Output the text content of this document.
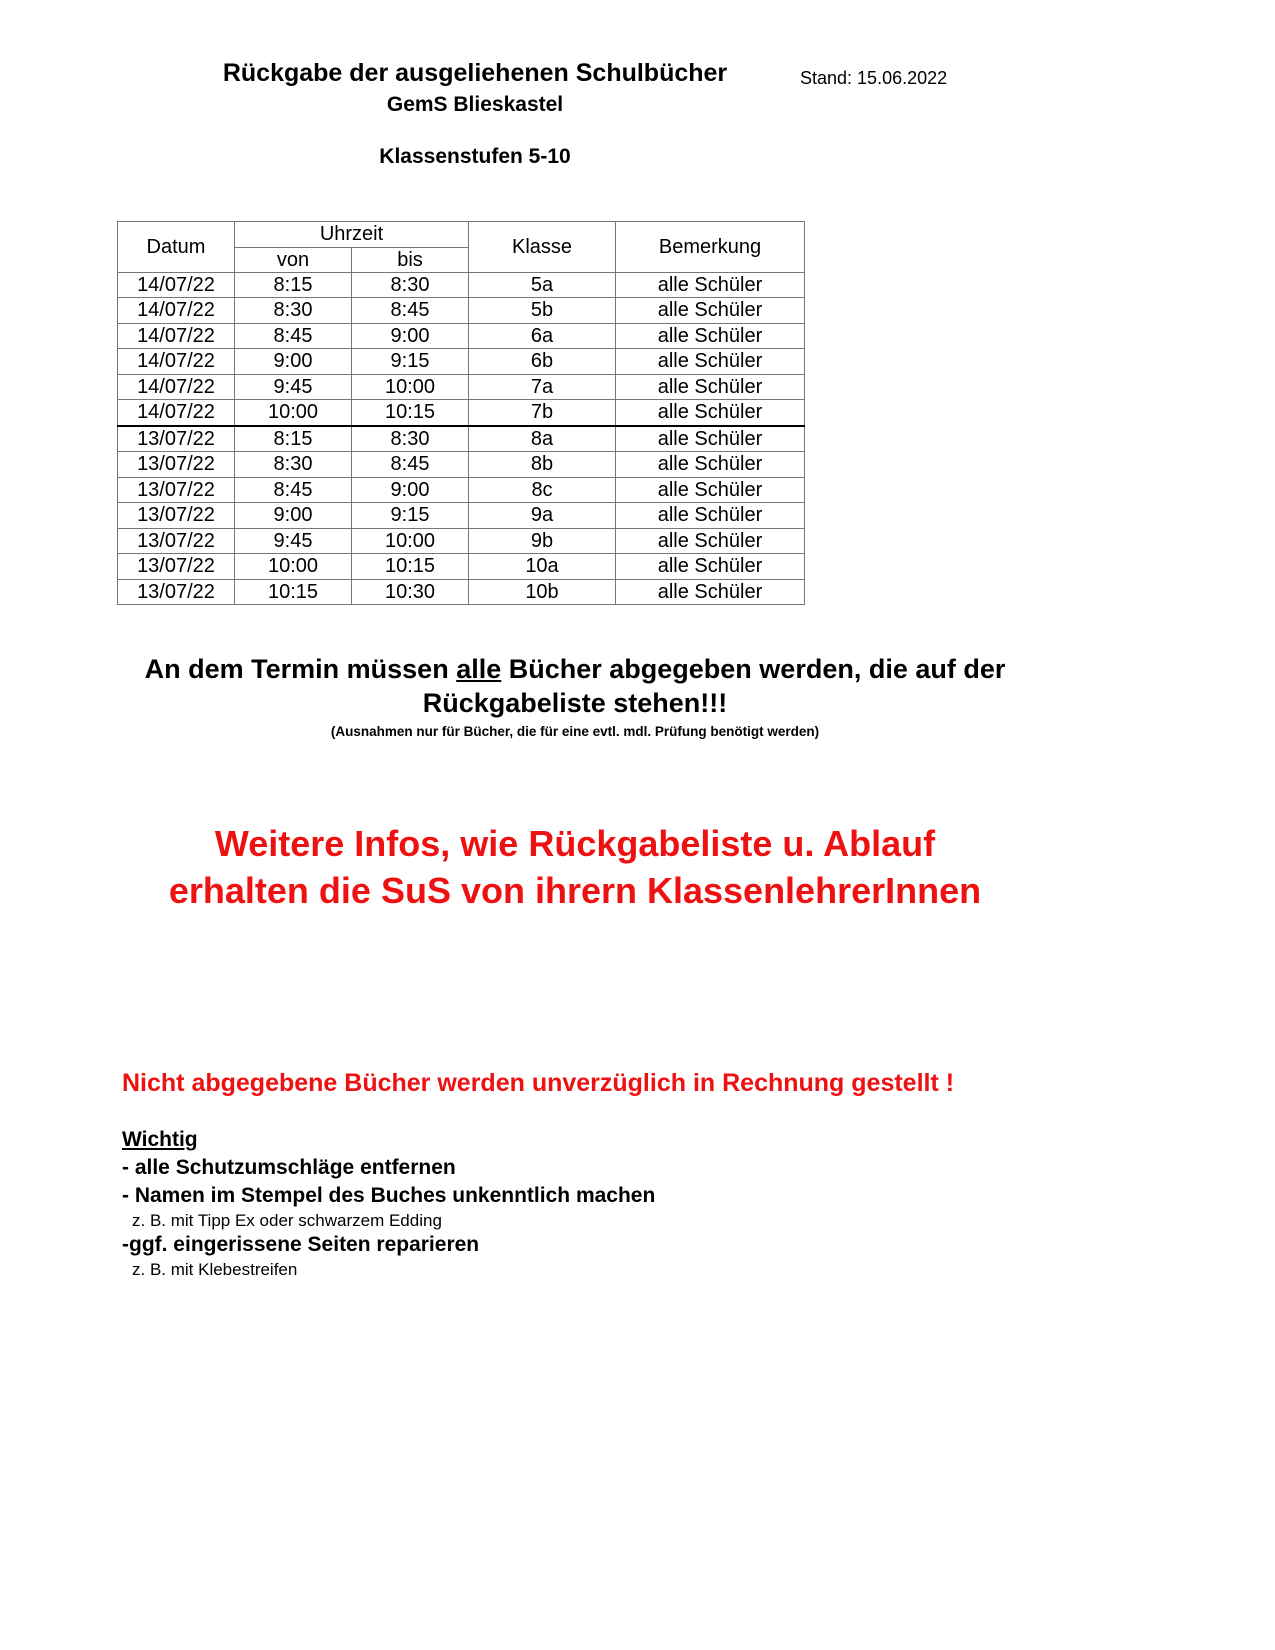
Rückgabe der ausgeliehenen Schulbücher
GemS Blieskastel
Stand: 15.06.2022
Klassenstufen 5-10
Datum	Uhrzeit		Klasse	Bemerkung
	von	bis		
14/07/22	8:15	8:30	5a	alle Schüler
14/07/22	8:30	8:45	5b	alle Schüler
14/07/22	8:45	9:00	6a	alle Schüler
14/07/22	9:00	9:15	6b	alle Schüler
14/07/22	9:45	10:00	7a	alle Schüler
14/07/22	10:00	10:15	7b	alle Schüler
13/07/22	8:15	8:30	8a	alle Schüler
13/07/22	8:30	8:45	8b	alle Schüler
13/07/22	8:45	9:00	8c	alle Schüler
13/07/22	9:00	9:15	9a	alle Schüler
13/07/22	9:45	10:00	9b	alle Schüler
13/07/22	10:00	10:15	10a	alle Schüler
13/07/22	10:15	10:30	10b	alle Schüler
An dem Termin müssen alle Bücher abgegeben werden, die auf der Rückgabeliste stehen!!!
(Ausnahmen nur für Bücher, die für eine evtl. mdl. Prüfung benötigt werden)
Weitere Infos, wie Rückgabeliste u. Ablauf
erhalten die SuS von ihrern KlassenlehrerInnen
Nicht abgegebene Bücher werden unverzüglich in Rechnung gestellt !
Wichtig
- alle Schutzumschläge entfernen
- Namen im Stempel des Buches unkenntlich machen
z. B. mit Tipp Ex oder schwarzem Edding
-ggf. eingerissene Seiten reparieren
z. B. mit Klebestreifen
